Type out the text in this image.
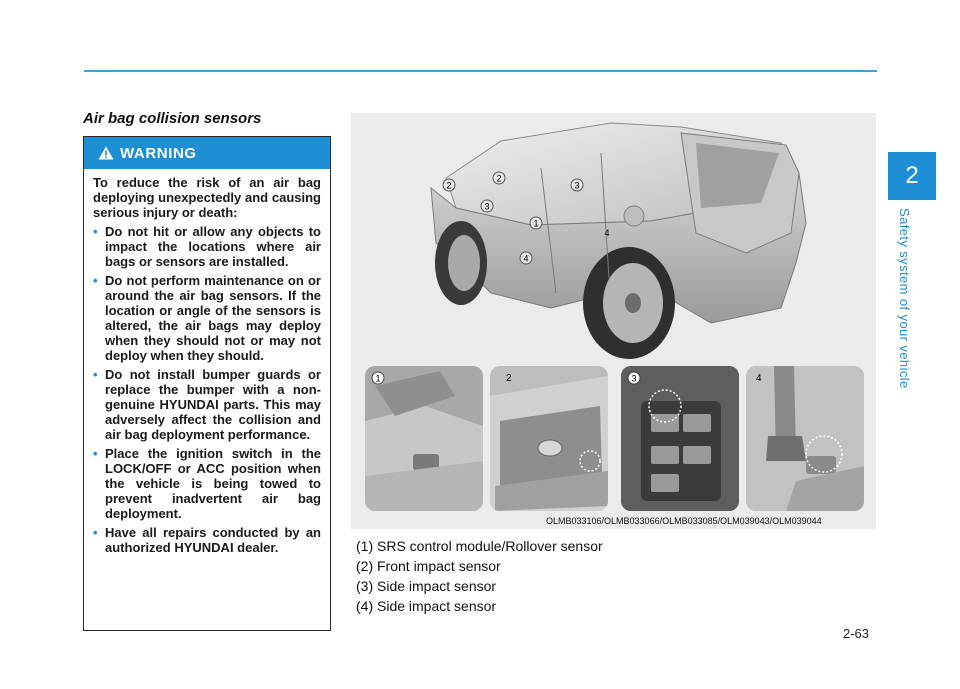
2
Safety system of your vehicle
Air bag collision sensors
WARNING

To reduce the risk of an air bag deploying unexpectedly and causing serious injury or death:

• Do not hit or allow any objects to impact the locations where air bags or sensors are installed.
• Do not perform maintenance on or around the air bag sensors. If the location or angle of the sensors is altered, the air bags may deploy when they should not or may not deploy when they should.
• Do not install bumper guards or replace the bumper with a non-genuine HYUNDAI parts. This may adversely affect the collision and air bag deployment performance.
• Place the ignition switch in the LOCK/OFF or ACC position when the vehicle is being towed to prevent inadvertent air bag deployment.
• Have all repairs conducted by an authorized HYUNDAI dealer.
2
2
3
3
1
4
4
1	2	3	4
OLMB033106/OLMB033066/OLMB033085/OLM039043/OLM039044
(1) SRS control module/Rollover sensor
(2) Front impact sensor
(3) Side impact sensor
(4) Side impact sensor
2-63
